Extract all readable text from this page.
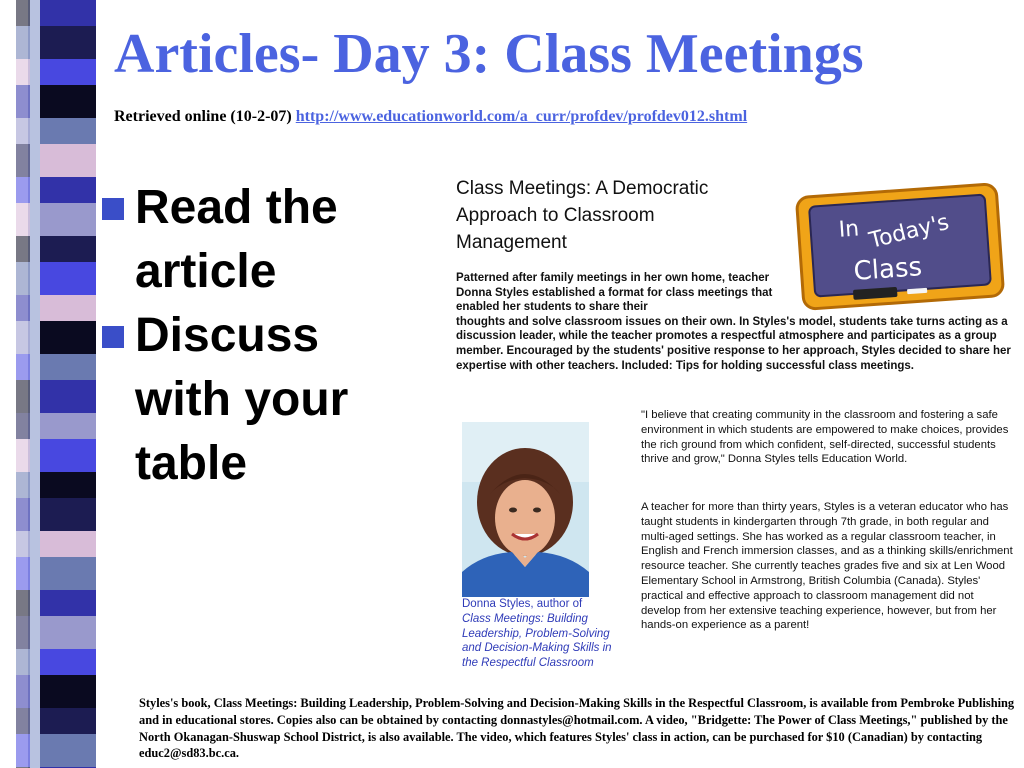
Articles- Day 3: Class Meetings
Retrieved online (10-2-07) http://www.educationworld.com/a_curr/profdev/profdev012.shtml
Read the article
Discuss with your table
Class Meetings: A Democratic Approach to Classroom Management
Patterned after family meetings in her own home, teacher Donna Styles established a format for class meetings that enabled her students to share their
thoughts and solve classroom issues on their own. In Styles's model, students take turns acting as a discussion leader, while the teacher promotes a respectful atmosphere and participates as a group member. Encouraged by the students' positive response to her approach, Styles decided to share her expertise with other teachers. Included: Tips for holding successful class meetings.
In Today's
Class
Donna Styles, author of Class Meetings: Building Leadership, Problem-Solving and Decision-Making Skills in the Respectful Classroom

"I believe that creating community in the classroom and fostering a safe environment in which students are empowered to make choices, provides the rich ground from which confident, self-directed, successful students thrive and grow," Donna Styles tells Education World.

A teacher for more than thirty years, Styles is a veteran educator who has taught students in kindergarten through 7th grade, in both regular and multi-aged settings. She has worked as a regular classroom teacher, in English and French immersion classes, and as a thinking skills/enrichment resource teacher. She currently teaches grades five and six at Len Wood Elementary School in Armstrong, British Columbia (Canada). Styles' practical and effective approach to classroom management did not develop from her extensive teaching experience, however, but from her hands-on experience as a parent!

Styles's book, Class Meetings: Building Leadership, Problem-Solving and Decision-Making Skills in the Respectful Classroom, is available from Pembroke Publishing and in educational stores. Copies also can be obtained by contacting donnastyles@hotmail.com. A video, "Bridgette: The Power of Class Meetings," published by the North Okanagan-Shuswap School District, is also available. The video, which features Styles' class in action, can be purchased for $10 (Canadian) by contacting educ2@sd83.bc.ca.
